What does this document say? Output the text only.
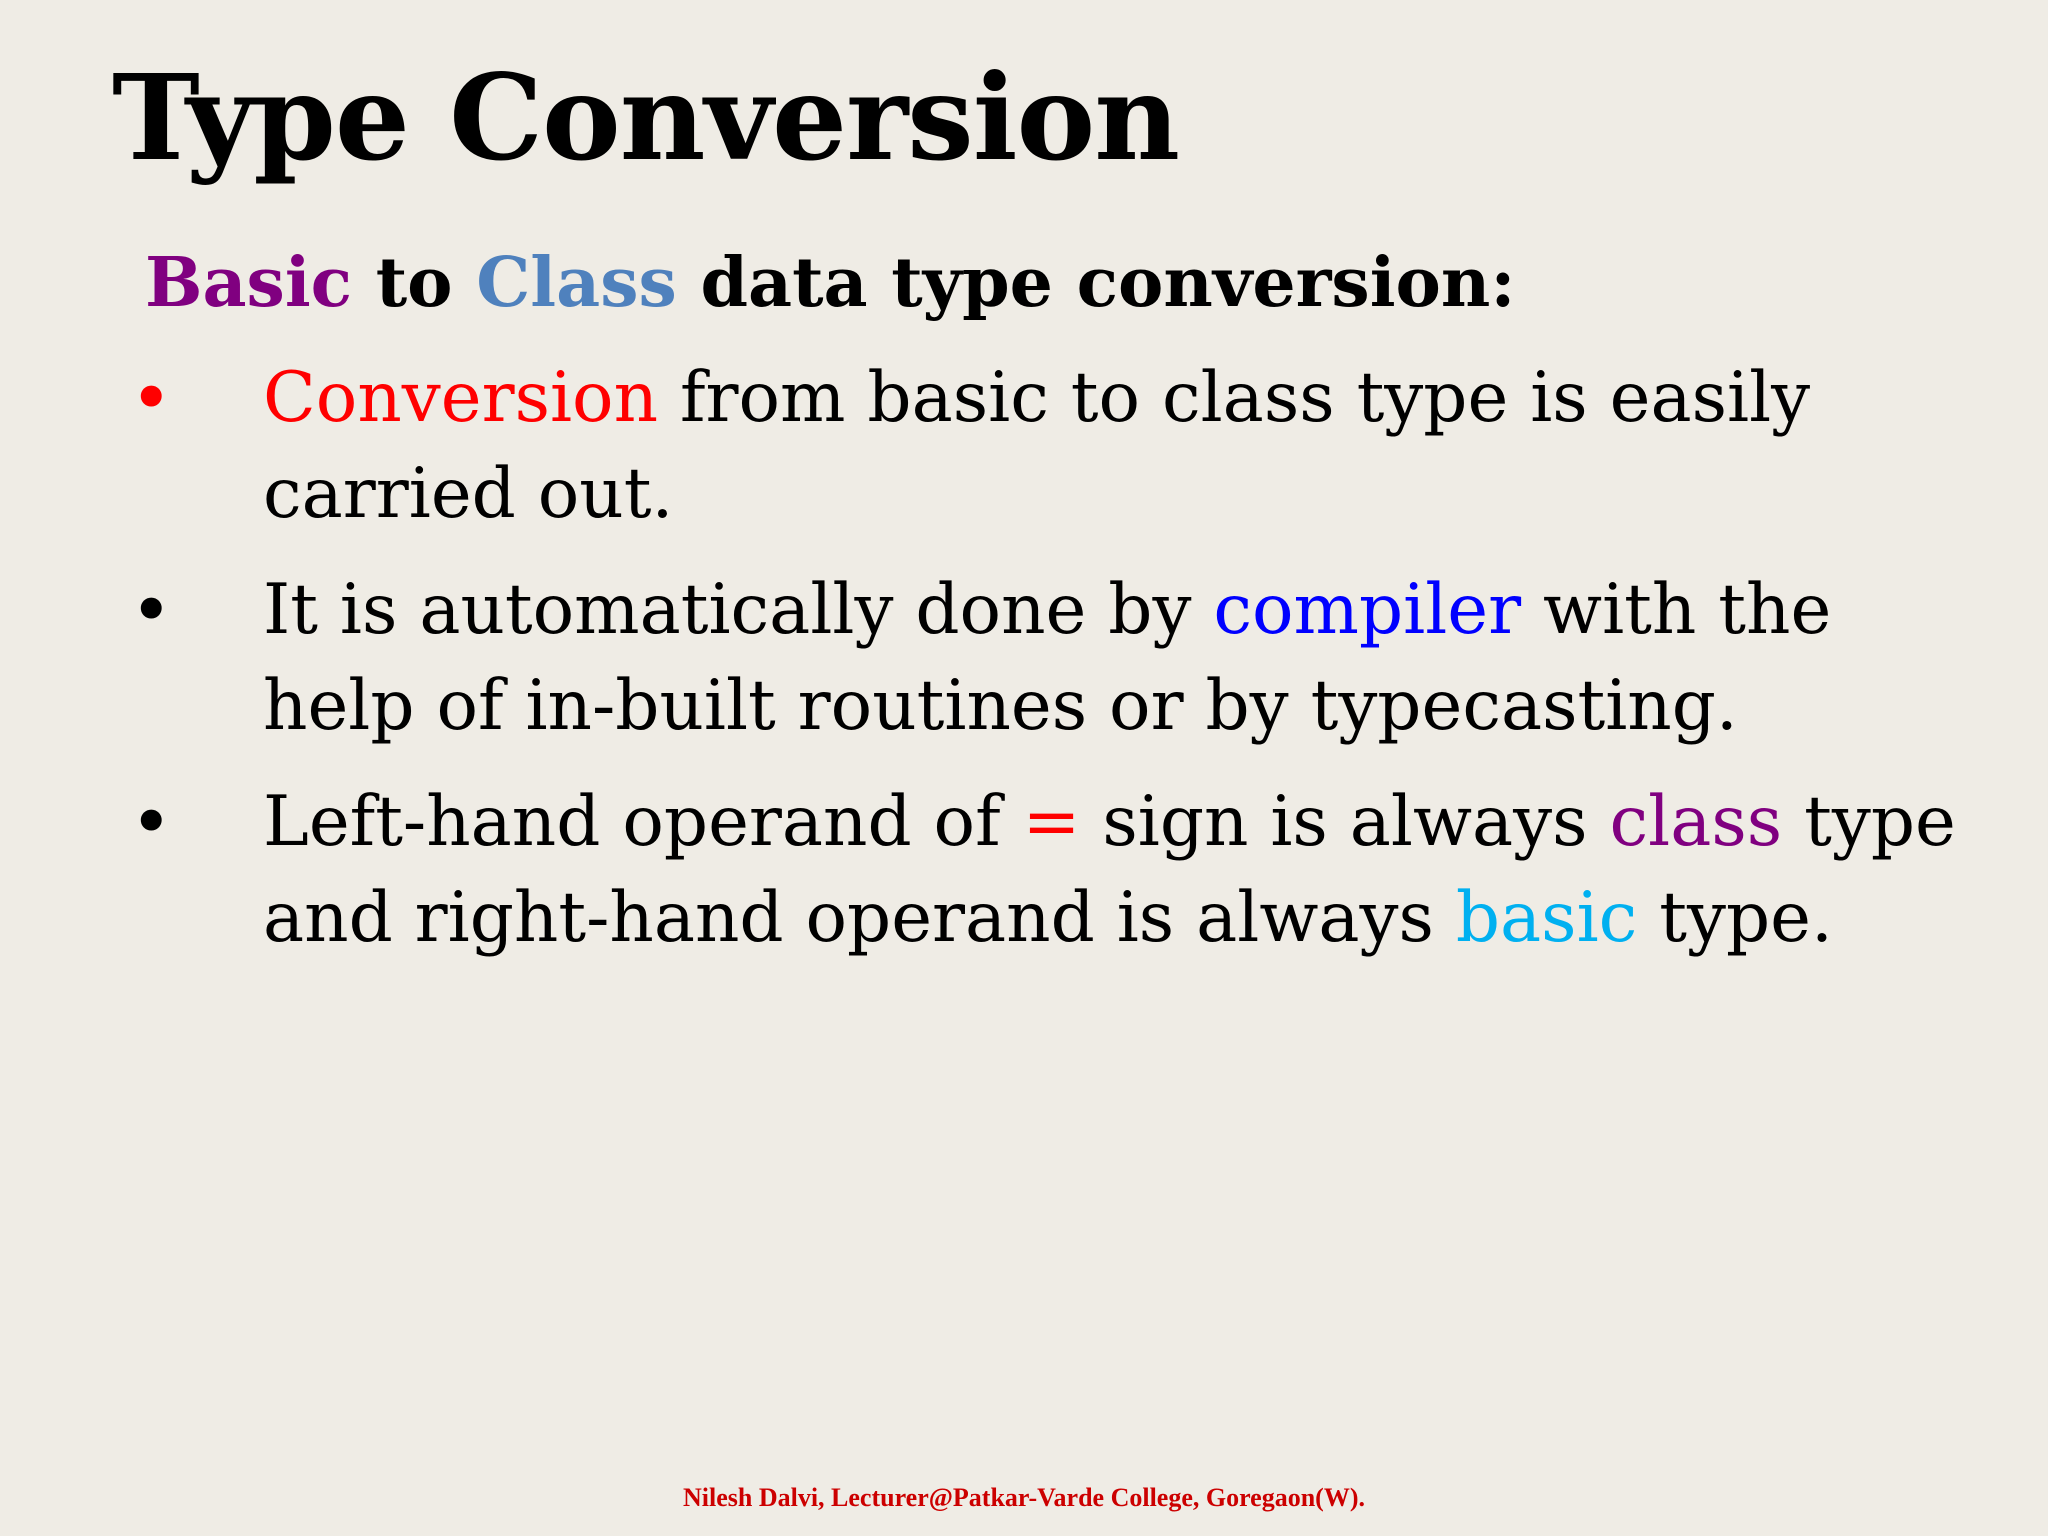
Type Conversion
Basic to Class data type conversion:
• Conversion from basic to class type is easily carried out.
• It is automatically done by compiler with the help of in-built routines or by typecasting.
• Left-hand operand of = sign is always class type and right-hand operand is always basic type.
Nilesh Dalvi, Lecturer@Patkar-Varde College, Goregaon(W).
